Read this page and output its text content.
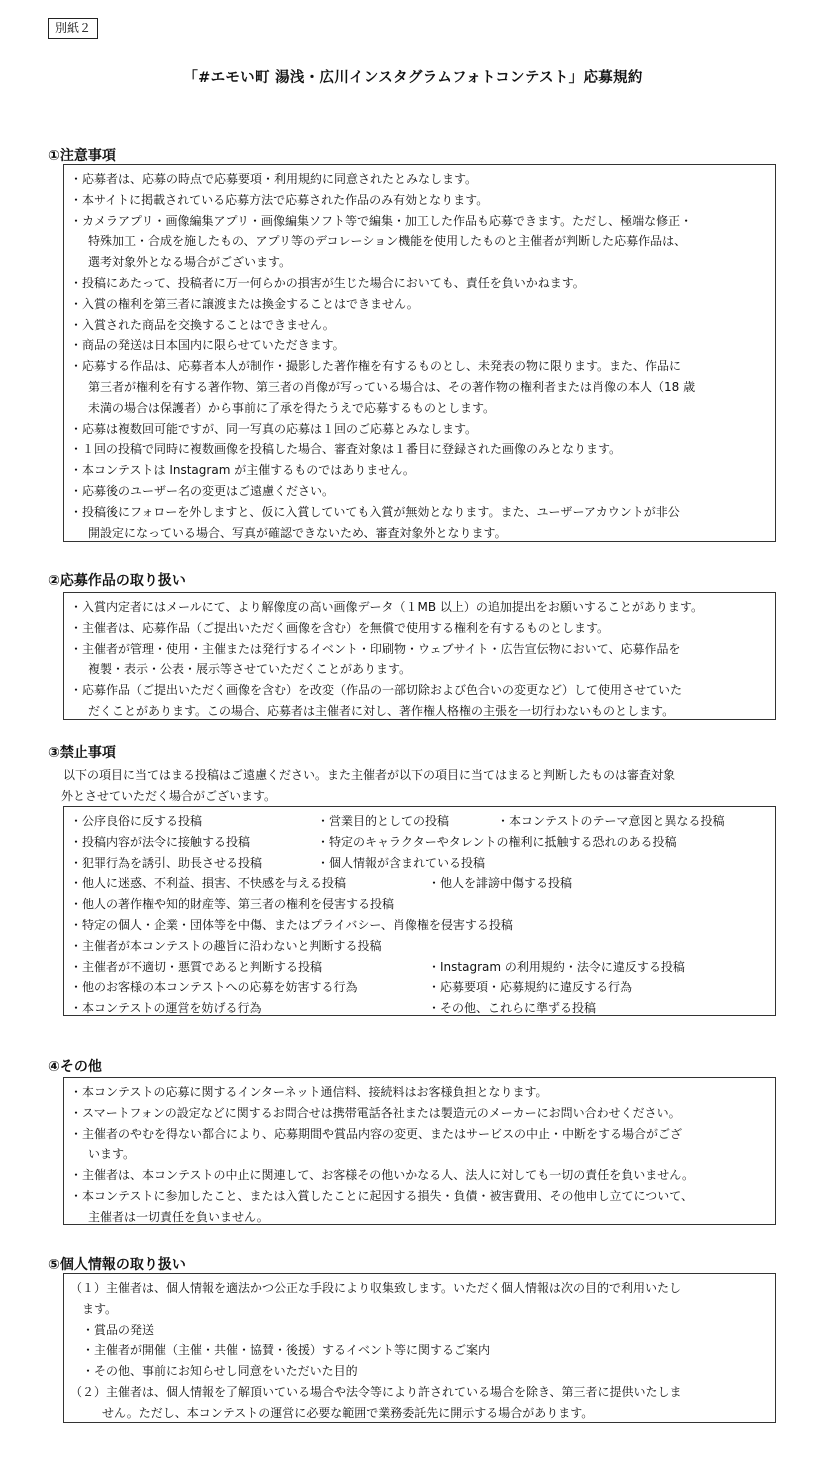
別紙２
「#エモい町 湯浅・広川インスタグラムフォトコンテスト」応募規約
①注意事項
・応募者は、応募の時点で応募要項・利用規約に同意されたとみなします。
・本サイトに掲載されている応募方法で応募された作品のみ有効となります。
・カメラアプリ・画像編集アプリ・画像編集ソフト等で編集・加工した作品も応募できます。ただし、極端な修正・
特殊加工・合成を施したもの、アプリ等のデコレーション機能を使用したものと主催者が判断した応募作品は、
選考対象外となる場合がございます。
・投稿にあたって、投稿者に万一何らかの損害が生じた場合においても、責任を負いかねます。
・入賞の権利を第三者に譲渡または換金することはできません。
・入賞された商品を交換することはできません。
・商品の発送は日本国内に限らせていただきます。
・応募する作品は、応募者本人が制作・撮影した著作権を有するものとし、未発表の物に限ります。また、作品に
第三者が権利を有する著作物、第三者の肖像が写っている場合は、その著作物の権利者または肖像の本人（18 歳
未満の場合は保護者）から事前に了承を得たうえで応募するものとします。
・応募は複数回可能ですが、同一写真の応募は１回のご応募とみなします。
・１回の投稿で同時に複数画像を投稿した場合、審査対象は１番目に登録された画像のみとなります。
・本コンテストは Instagram が主催するものではありません。
・応募後のユーザー名の変更はご遠慮ください。
・投稿後にフォローを外しますと、仮に入賞していても入賞が無効となります。また、ユーザーアカウントが非公
開設定になっている場合、写真が確認できないため、審査対象外となります。
②応募作品の取り扱い
・入賞内定者にはメールにて、より解像度の高い画像データ（１MB 以上）の追加提出をお願いすることがあります。
・主催者は、応募作品（ご提出いただく画像を含む）を無償で使用する権利を有するものとします。
・主催者が管理・使用・主催または発行するイベント・印刷物・ウェブサイト・広告宣伝物において、応募作品を
複製・表示・公表・展示等させていただくことがあります。
・応募作品（ご提出いただく画像を含む）を改変（作品の一部切除および色合いの変更など）して使用させていた
だくことがあります。この場合、応募者は主催者に対し、著作権人格権の主張を一切行わないものとします。
③禁止事項
以下の項目に当てはまる投稿はご遠慮ください。また主催者が以下の項目に当てはまると判断したものは審査対象
外とさせていただく場合がございます。
・公序良俗に反する投稿	・営業目的としての投稿	・本コンテストのテーマ意図と異なる投稿
・投稿内容が法令に接触する投稿	・特定のキャラクターやタレントの権利に抵触する恐れのある投稿
・犯罪行為を誘引、助長させる投稿	・個人情報が含まれている投稿
・他人に迷惑、不利益、損害、不快感を与える投稿	・他人を誹謗中傷する投稿
・他人の著作権や知的財産等、第三者の権利を侵害する投稿
・特定の個人・企業・団体等を中傷、またはプライバシー、肖像権を侵害する投稿
・主催者が本コンテストの趣旨に沿わないと判断する投稿
・主催者が不適切・悪質であると判断する投稿	・Instagram の利用規約・法令に違反する投稿
・他のお客様の本コンテストへの応募を妨害する行為	・応募要項・応募規約に違反する行為
・本コンテストの運営を妨げる行為	・その他、これらに準ずる投稿
④その他
・本コンテストの応募に関するインターネット通信料、接続料はお客様負担となります。
・スマートフォンの設定などに関するお問合せは携帯電話各社または製造元のメーカーにお問い合わせください。
・主催者のやむを得ない都合により、応募期間や賞品内容の変更、またはサービスの中止・中断をする場合がござ
います。
・主催者は、本コンテストの中止に関連して、お客様その他いかなる人、法人に対しても一切の責任を負いません。
・本コンテストに参加したこと、または入賞したことに起因する損失・負債・被害費用、その他申し立てについて、
主催者は一切責任を負いません。
⑤個人情報の取り扱い
（１）主催者は、個人情報を適法かつ公正な手段により収集致します。いただく個人情報は次の目的で利用いたし
ます。
・賞品の発送
・主催者が開催（主催・共催・協賛・後援）するイベント等に関するご案内
・その他、事前にお知らせし同意をいただいた目的
（２）主催者は、個人情報を了解頂いている場合や法令等により許されている場合を除き、第三者に提供いたしま
せん。ただし、本コンテストの運営に必要な範囲で業務委託先に開示する場合があります。
